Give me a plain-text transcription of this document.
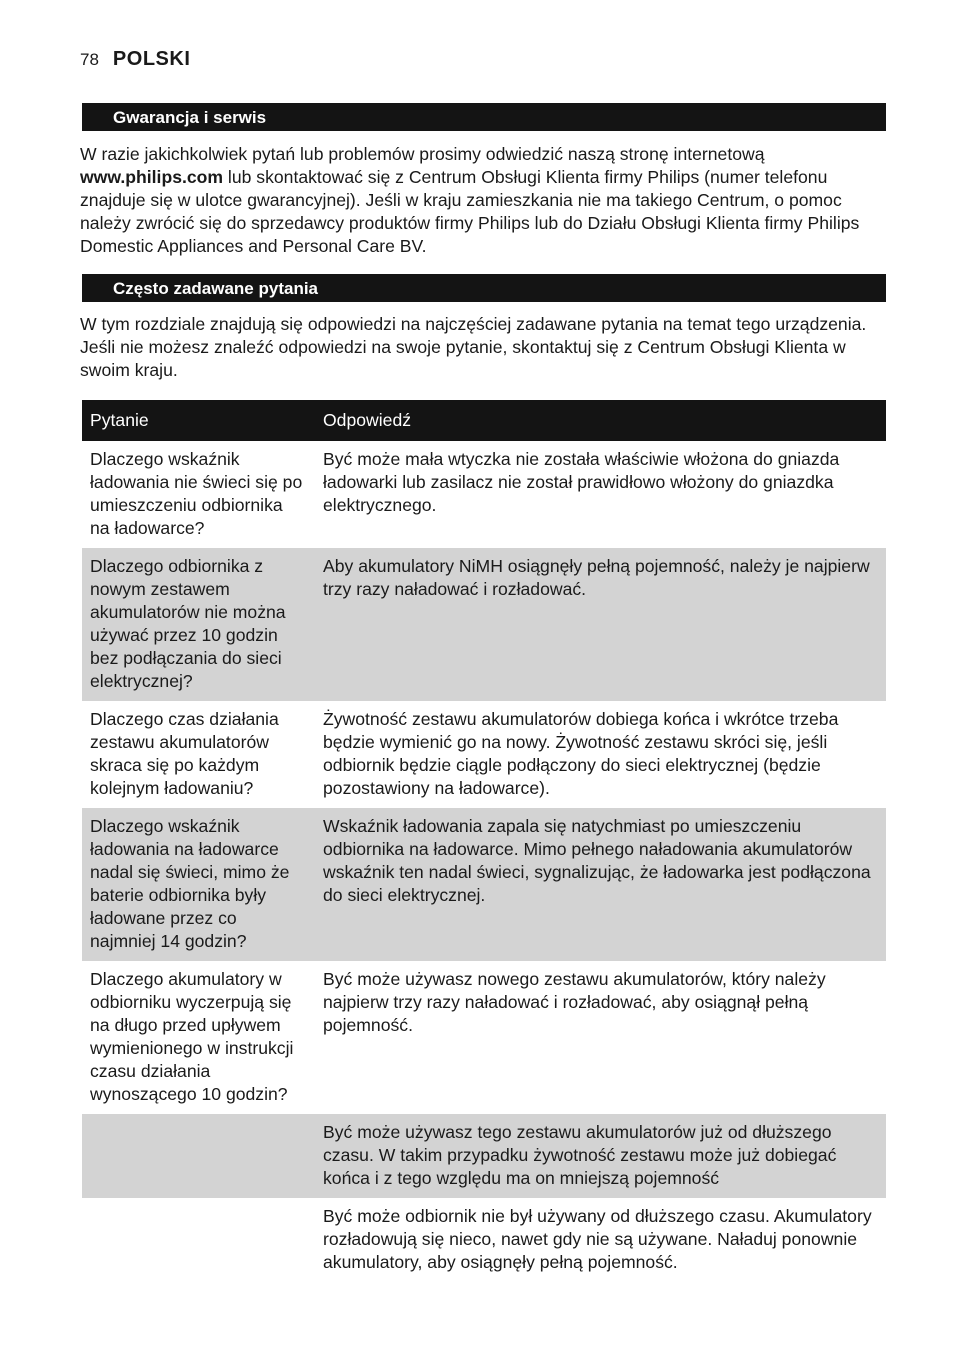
78 POLSKI
Gwarancja i serwis

W razie jakichkolwiek pytań lub problemów prosimy odwiedzić naszą stronę internetową www.philips.com lub skontaktować się z Centrum Obsługi Klienta firmy Philips (numer telefonu znajduje się w ulotce gwarancyjnej). Jeśli w kraju zamieszkania nie ma takiego Centrum, o pomoc należy zwrócić się do sprzedawcy produktów firmy Philips lub do Działu Obsługi Klienta firmy Philips Domestic Appliances and Personal Care BV.

Często zadawane pytania

W tym rozdziale znajdują się odpowiedzi na najczęściej zadawane pytania na temat tego urządzenia. Jeśli nie możesz znaleźć odpowiedzi na swoje pytanie, skontaktuj się z Centrum Obsługi Klienta w swoim kraju.

Pytanie	Odpowiedź
Dlaczego wskaźnik ładowania nie świeci się po umieszczeniu odbiornika na ładowarce?	Być może mała wtyczka nie została właściwie włożona do gniazda ładowarki lub zasilacz nie został prawidłowo włożony do gniazdka elektrycznego.
Dlaczego odbiornika z nowym zestawem akumulatorów nie można używać przez 10 godzin bez podłączania do sieci elektrycznej?	Aby akumulatory NiMH osiągnęły pełną pojemność, należy je najpierw trzy razy naładować i rozładować.
Dlaczego czas działania zestawu akumulatorów skraca się po każdym kolejnym ładowaniu?	Żywotność zestawu akumulatorów dobiega końca i wkrótce trzeba będzie wymienić go na nowy. Żywotność zestawu skróci się, jeśli odbiornik będzie ciągle podłączony do sieci elektrycznej (będzie pozostawiony na ładowarce).
Dlaczego wskaźnik ładowania na ładowarce nadal się świeci, mimo że baterie odbiornika były ładowane przez co najmniej 14 godzin?	Wskaźnik ładowania zapala się natychmiast po umieszczeniu odbiornika na ładowarce. Mimo pełnego naładowania akumulatorów wskaźnik ten nadal świeci, sygnalizując, że ładowarka jest podłączona do sieci elektrycznej.
Dlaczego akumulatory w odbiorniku wyczerpują się na długo przed upływem wymienionego w instrukcji czasu działania wynoszącego 10 godzin?	Być może używasz nowego zestawu akumulatorów, który należy najpierw trzy razy naładować i rozładować, aby osiągnął pełną pojemność.
	Być może używasz tego zestawu akumulatorów już od dłuższego czasu. W takim przypadku żywotność zestawu może już dobiegać końca i z tego względu ma on mniejszą pojemność
	Być może odbiornik nie był używany od dłuższego czasu. Akumulatory rozładowują się nieco, nawet gdy nie są używane. Naładuj ponownie akumulatory, aby osiągnęły pełną pojemność.
